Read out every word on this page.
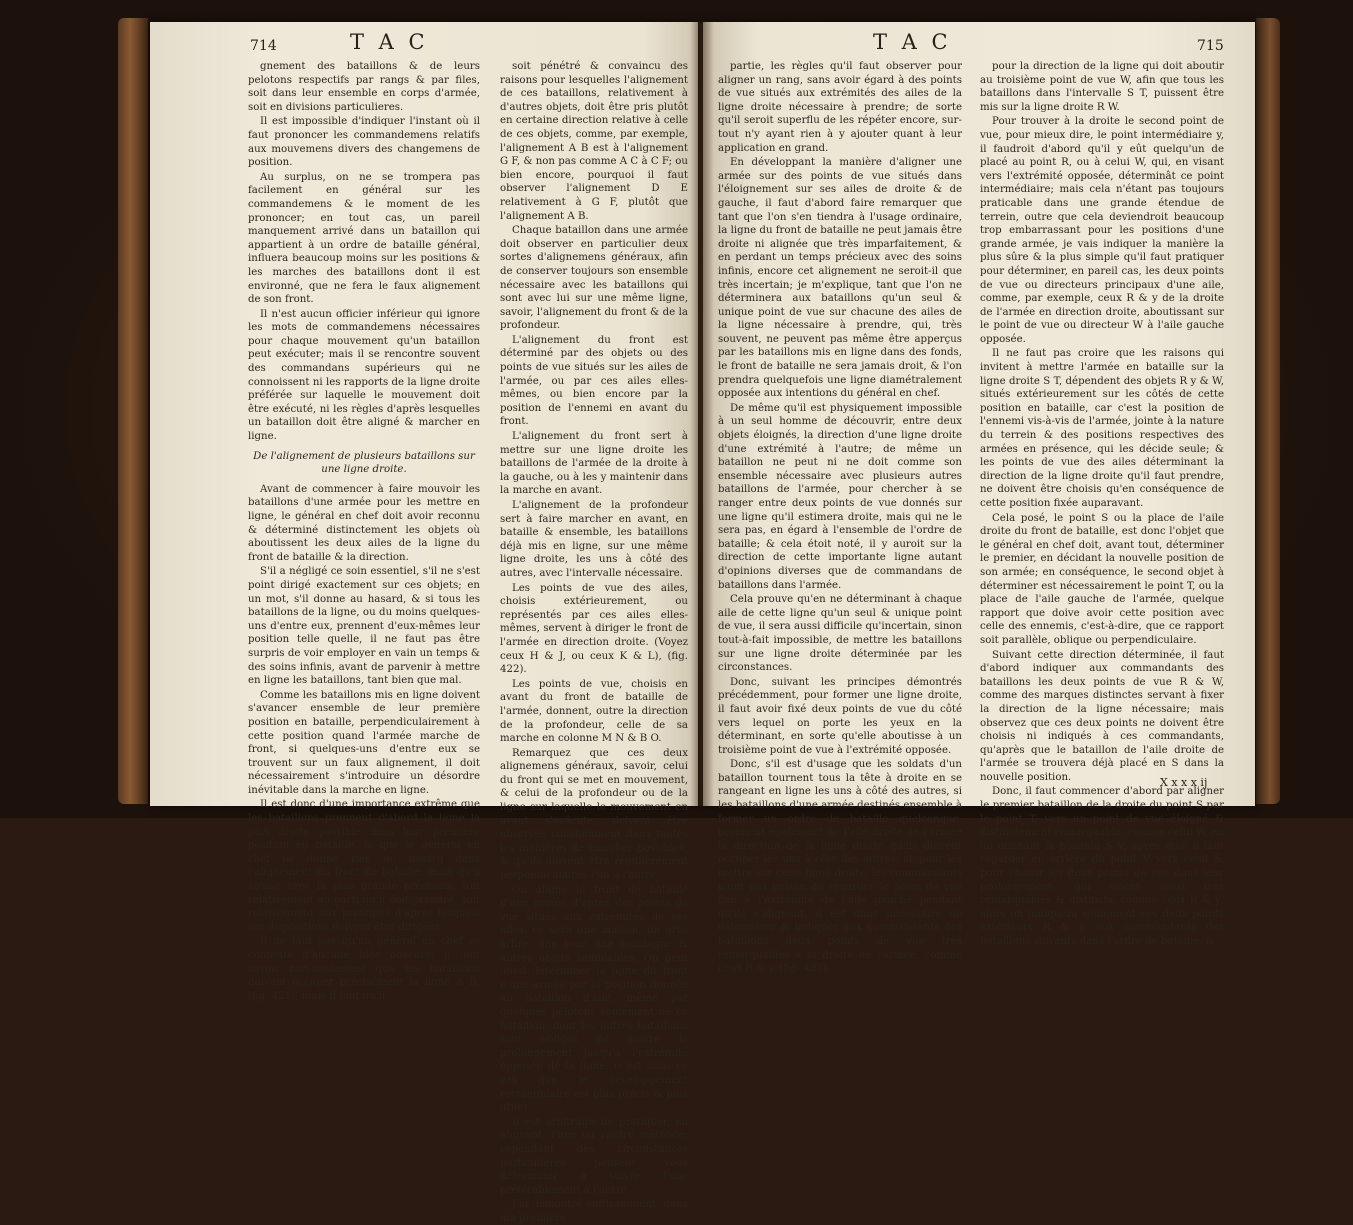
714	T A C

gnement des bataillons & de leurs pelotons respectifs par rangs & par files, soit dans leur ensemble en corps d'armée, soit en divisions particulieres.

Il est impossible d'indiquer l'instant où il faut prononcer les commandemens relatifs aux mouvemens divers des changemens de position.

Au surplus, on ne se trompera pas facilement en général sur les commandemens & le moment de les prononcer; en tout cas, un pareil manquement arrivé dans un bataillon qui appartient à un ordre de bataille général, influera beaucoup moins sur les positions & les marches des bataillons dont il est environné, que ne fera le faux alignement de son front.

Il n'est aucun officier inférieur qui ignore les mots de commandemens nécessaires pour chaque mouvement qu'un bataillon peut exécuter; mais il se rencontre souvent des commandans supérieurs qui ne connoissent ni les rapports de la ligne droite préférée sur laquelle le mouvement doit être exécuté, ni les règles d'après lesquelles un bataillon doit être aligné & marcher en ligne.

De l'alignement de plusieurs bataillons sur une ligne droite.

Avant de commencer à faire mouvoir les bataillons d'une armée pour les mettre en ligne, le général en chef doit avoir reconnu & déterminé distinctement les objets où aboutissent les deux ailes de la ligne du front de bataille & la direction.

S'il a négligé ce soin essentiel, s'il ne s'est point dirigé exactement sur ces objets; en un mot, s'il donne au hasard, & si tous les bataillons de la ligne, ou du moins quelques-uns d'entre eux, prennent d'eux-mêmes leur position telle quelle, il ne faut pas être surpris de voir employer en vain un temps & des soins infinis, avant de parvenir à mettre en ligne les bataillons, tant bien que mal.

Comme les bataillons mis en ligne doivent s'avancer ensemble de leur première position en bataille, perpendiculairement à cette position quand l'armée marche de front, si quelques-uns d'entre eux se trouvent sur un faux alignement, il doit nécessairement s'introduire un désordre inévitable dans la marche en ligne.

Il est donc d'une importance extrême que les bataillons prennent d'abord la ligne la plus droite possible dans leur première position en bataille, & que le général en chef ne donne rien au hasard dans l'alignement du front de bataille; mais qu'il agisse avec la plus grande précision, soit relativement au parti qu'il doit prendre, soit relativement aux principes d'après lesquels ses dispositions doivent être dirigées.

Il ne faut pas qu'un général en chef se contente d'aucune idée obscure; il doit savoir non-seulement que les bataillons doivent occuper précisément la ligne A B, (fig. 421); mais il faut qu'il

soit pénétré & convaincu des raisons pour lesquelles l'alignement de ces bataillons, relativement à d'autres objets, doit être pris plutôt en certaine direction relative à celle de ces objets, comme, par exemple, l'alignement A B est à l'alignement G F, & non pas comme A C à C F; ou bien encore, pourquoi il faut observer l'alignement D E relativement à G F, plutôt que l'alignement A B.

Chaque bataillon dans une armée doit observer en particulier deux sortes d'alignemens généraux, afin de conserver toujours son ensemble nécessaire avec les bataillons qui sont avec lui sur une même ligne, savoir, l'alignement du front & de la profondeur.

L'alignement du front est déterminé par des objets ou des points de vue situés sur les ailes de l'armée, ou par ces ailes elles-mêmes, ou bien encore par la position de l'ennemi en avant du front.

L'alignement du front sert à mettre sur une ligne droite les bataillons de l'armée de la droite à la gauche, ou à les y maintenir dans la marche en avant.

L'alignement de la profondeur sert à faire marcher en avant, en bataille & ensemble, les bataillons déjà mis en ligne, sur une même ligne droite, les uns à côté des autres, avec l'intervalle nécessaire.

Les points de vue des ailes, choisis extérieurement, ou représentés par ces ailes elles-mêmes, servent à diriger le front de l'armée en direction droite. (Voyez ceux H & J, ou ceux K & L), (fig. 422).

Les points de vue, choisis en avant du front de bataille de l'armée, donnent, outre la direction de la profondeur, celle de sa marche en colonne M N & B O.

Remarquez que ces deux alignemens généraux, savoir, celui du front qui se met en mouvement, & celui de la profondeur ou de la ligne sur laquelle le mouvement en avant s'exécute, doivent être observés constamment dans toutes les manières de marcher possibles, & qu'ils doivent être régulièrement perpendiculaires l'un à l'autre.

On aligne le front de bataille d'une armée d'après des points de vue situés aux extrémités de ses ailes; ce sera une maison, un gros arbre, une tour, une montagne & autres objets semblables. On peut aussi déterminer la ligne du front d'une armée par la position donnée au bataillon d'aile, même par quelques pelotons seulement de ce bataillon, dont les autres bataillons sont obligés de suivre le prolongement jusqu'à l'extrémité opposée de la ligne; (c'est dans ce cas que le développement rectangulaire est plus précis & plus utile).

Il est arbitraire de pratiquer, en alignant, l'une ou l'autre méthode; cependant des circonstances particulieres peuvent vous déterminer à suivre l'une préférablement à l'autre.

J'ai démontré suffisamment, dans ma première

T A C	715

partie, les règles qu'il faut observer pour aligner un rang, sans avoir égard à des points de vue situés aux extrémités des ailes de la ligne droite nécessaire à prendre; de sorte qu'il seroit superflu de les répéter encore, sur-tout n'y ayant rien à y ajouter quant à leur application en grand.

En développant la manière d'aligner une armée sur des points de vue situés dans l'éloignement sur ses ailes de droite & de gauche, il faut d'abord faire remarquer que tant que l'on s'en tiendra à l'usage ordinaire, la ligne du front de bataille ne peut jamais être droite ni alignée que très imparfaitement, & en perdant un temps précieux avec des soins infinis, encore cet alignement ne seroit-il que très incertain; je m'explique, tant que l'on ne déterminera aux bataillons qu'un seul & unique point de vue sur chacune des ailes de la ligne nécessaire à prendre, qui, très souvent, ne peuvent pas même être apperçus par les bataillons mis en ligne dans des fonds, le front de bataille ne sera jamais droit, & l'on prendra quelquefois une ligne diamétralement opposée aux intentions du général en chef.

De même qu'il est physiquement impossible à un seul homme de découvrir, entre deux objets éloignés, la direction d'une ligne droite d'une extrémité à l'autre; de même un bataillon ne peut ni ne doit comme son ensemble nécessaire avec plusieurs autres bataillons de l'armée, pour chercher à se ranger entre deux points de vue donnés sur une ligne qu'il estimera droite, mais qui ne le sera pas, en égard à l'ensemble de l'ordre de bataille; & cela étoit noté, il y auroit sur la direction de cette importante ligne autant d'opinions diverses que de commandans de bataillons dans l'armée.

Cela prouve qu'en ne déterminant à chaque aile de cette ligne qu'un seul & unique point de vue, il sera aussi difficile qu'incertain, sinon tout-à-fait impossible, de mettre les bataillons sur une ligne droite déterminée par les circonstances.

Donc, suivant les principes démontrés précédemment, pour former une ligne droite, il faut avoir fixé deux points de vue du côté vers lequel on porte les yeux en la déterminant, en sorte qu'elle aboutisse à un troisième point de vue à l'extrémité opposée.

Donc, s'il est d'usage que les soldats d'un bataillon tournent tous la tête à droite en se rangeant en ligne les uns à côté des autres, si les bataillons d'une armée destinés ensemble à former un ordre de bataille quelconque, prennent également de l'aile droite de l'armée la direction de la ligne droite qu'ils doivent occuper les uns à côté des autres; si, pour les mettre sur cette ligne droite, les commandants n'ont pas besoin de regarder le point de vue fixé à l'extrémité de l'aile gauche pendant qu'ils s'alignent, il est donc nécessaire de déterminer & indiquer aux commandants des bataillons deux points de vue très remarquables à la droite de l'armée, comme ceux R & y, (fig. 423),

pour la direction de la ligne qui doit aboutir au troisième point de vue W, afin que tous les bataillons dans l'intervalle S T, puissent être mis sur la ligne droite R W.

Pour trouver à la droite le second point de vue, pour mieux dire, le point intermédiaire y, il faudroit d'abord qu'il y eût quelqu'un de placé au point R, ou à celui W, qui, en visant vers l'extrémité opposée, déterminât ce point intermédiaire; mais cela n'étant pas toujours praticable dans une grande étendue de terrein, outre que cela deviendroit beaucoup trop embarrassant pour les positions d'une grande armée, je vais indiquer la manière la plus sûre & la plus simple qu'il faut pratiquer pour déterminer, en pareil cas, les deux points de vue ou directeurs principaux d'une aile, comme, par exemple, ceux R & y de la droite de l'armée en direction droite, aboutissant sur le point de vue ou directeur W à l'aile gauche opposée.

Il ne faut pas croire que les raisons qui invitent à mettre l'armée en bataille sur la ligne droite S T, dépendent des objets R y & W, situés extérieurement sur les côtés de cette position en bataille, car c'est la position de l'ennemi vis-à-vis de l'armée, jointe à la nature du terrein & des positions respectives des armées en présence, qui les décide seule; & les points de vue des ailes déterminant la direction de la ligne droite qu'il faut prendre, ne doivent être choisis qu'en conséquence de cette position fixée auparavant.

Cela posé, le point S ou la place de l'aile droite du front de bataille, est donc l'objet que le général en chef doit, avant tout, déterminer le premier, en décidant la nouvelle position de son armée; en conséquence, le second objet à déterminer est nécessairement le point T, ou la place de l'aile gauche de l'armée, quelque rapport que doive avoir cette position avec celle des ennemis, c'est-à-dire, que ce rapport soit parallèle, oblique ou perpendiculaire.

Suivant cette direction déterminée, il faut d'abord indiquer aux commandants des bataillons les deux points de vue R & W, comme des marques distinctes servant à fixer la direction de la ligne nécessaire; mais observez que ces deux points ne doivent être choisis ni indiqués à ces commandants, qu'après que le bataillon de l'aile droite de l'armée se trouvera déjà placé en S dans la nouvelle position.

Donc, il faut commencer d'abord par aligner le premier bataillon de la droite du point S par le point T, vers un point de vue éloigné & distinctement remarquable, comme celui W, en lui donnant la position S V; après quoi il faut regarder en arrière du point V vers celui S, pour choisir les deux points de vue dans leur prolongement, qui soient aussi très remarquables & distincts, comme ceux R & y; alors on indiquera seulement ces deux points extérieurs R & y aux commandants des bataillons suivants dans l'ordre de bataille, &

X x x x ij
